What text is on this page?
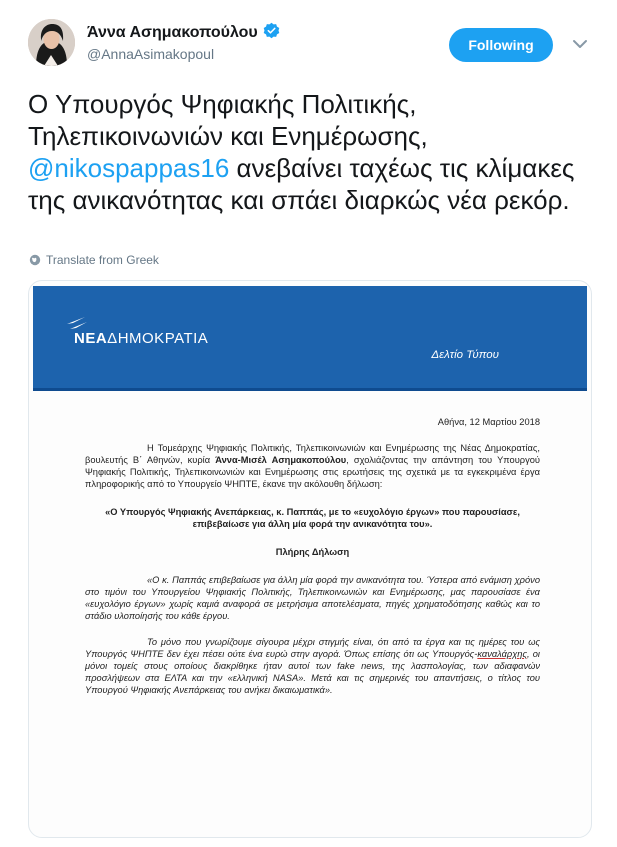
Άννα Ασημακοπούλου
@AnnaAsimakopoul
Following

Ο Υπουργός Ψηφιακής Πολιτικής, Τηλεπικοινωνιών και Ενημέρωσης, @nikospappas16 ανεβαίνει ταχέως τις κλίμακες της ανικανότητας και σπάει διαρκώς νέα ρεκόρ.

Translate from Greek
ΝΕΑΔΗΜΟΚΡΑΤΙΑ
Δελτίο Τύπου

Αθήνα, 12 Μαρτίου 2018

Η Τομεάρχης Ψηφιακής Πολιτικής, Τηλεπικοινωνιών και Ενημέρωσης της Νέας Δημοκρατίας, βουλευτής Β΄ Αθηνών, κυρία Άννα-Μισέλ Ασημακοπούλου, σχολιάζοντας την απάντηση του Υπουργού Ψηφιακής Πολιτικής, Τηλεπικοινωνιών και Ενημέρωσης στις ερωτήσεις της σχετικά με τα εγκεκριμένα έργα πληροφορικής από το Υπουργείο ΨΗΠΤΕ, έκανε την ακόλουθη δήλωση:

«Ο Υπουργός Ψηφιακής Ανεπάρκειας, κ. Παππάς, με το «ευχολόγιο έργων» που παρουσίασε, επιβεβαίωσε για άλλη μία φορά την ανικανότητα του».

Πλήρης Δήλωση

«Ο κ. Παππάς επιβεβαίωσε για άλλη μία φορά την ανικανότητα του. Ύστερα από ενάμιση χρόνο στο τιμόνι του Υπουργείου Ψηφιακής Πολιτικής, Τηλεπικοινωνιών και Ενημέρωσης, μας παρουσίασε ένα «ευχολόγιο έργων» χωρίς καμιά αναφορά σε μετρήσιμα αποτελέσματα, πηγές χρηματοδότησης καθώς και το στάδιο υλοποίησής του κάθε έργου.

Το μόνο που γνωρίζουμε σίγουρα μέχρι στιγμής είναι, ότι από τα έργα και τις ημέρες του ως Υπουργός ΨΗΠΤΕ δεν έχει πέσει ούτε ένα ευρώ στην αγορά. Όπως επίσης ότι ως Υπουργός-καναλάρχης, οι μόνοι τομείς στους οποίους διακρίθηκε ήταν αυτοί των fake news, της λασπολογίας, των αδιαφανών προσλήψεων στα ΕΛΤΑ και την «ελληνική NASA». Μετά και τις σημερινές του απαντήσεις, ο τίτλος του Υπουργού Ψηφιακής Ανεπάρκειας του ανήκει δικαιωματικά».
